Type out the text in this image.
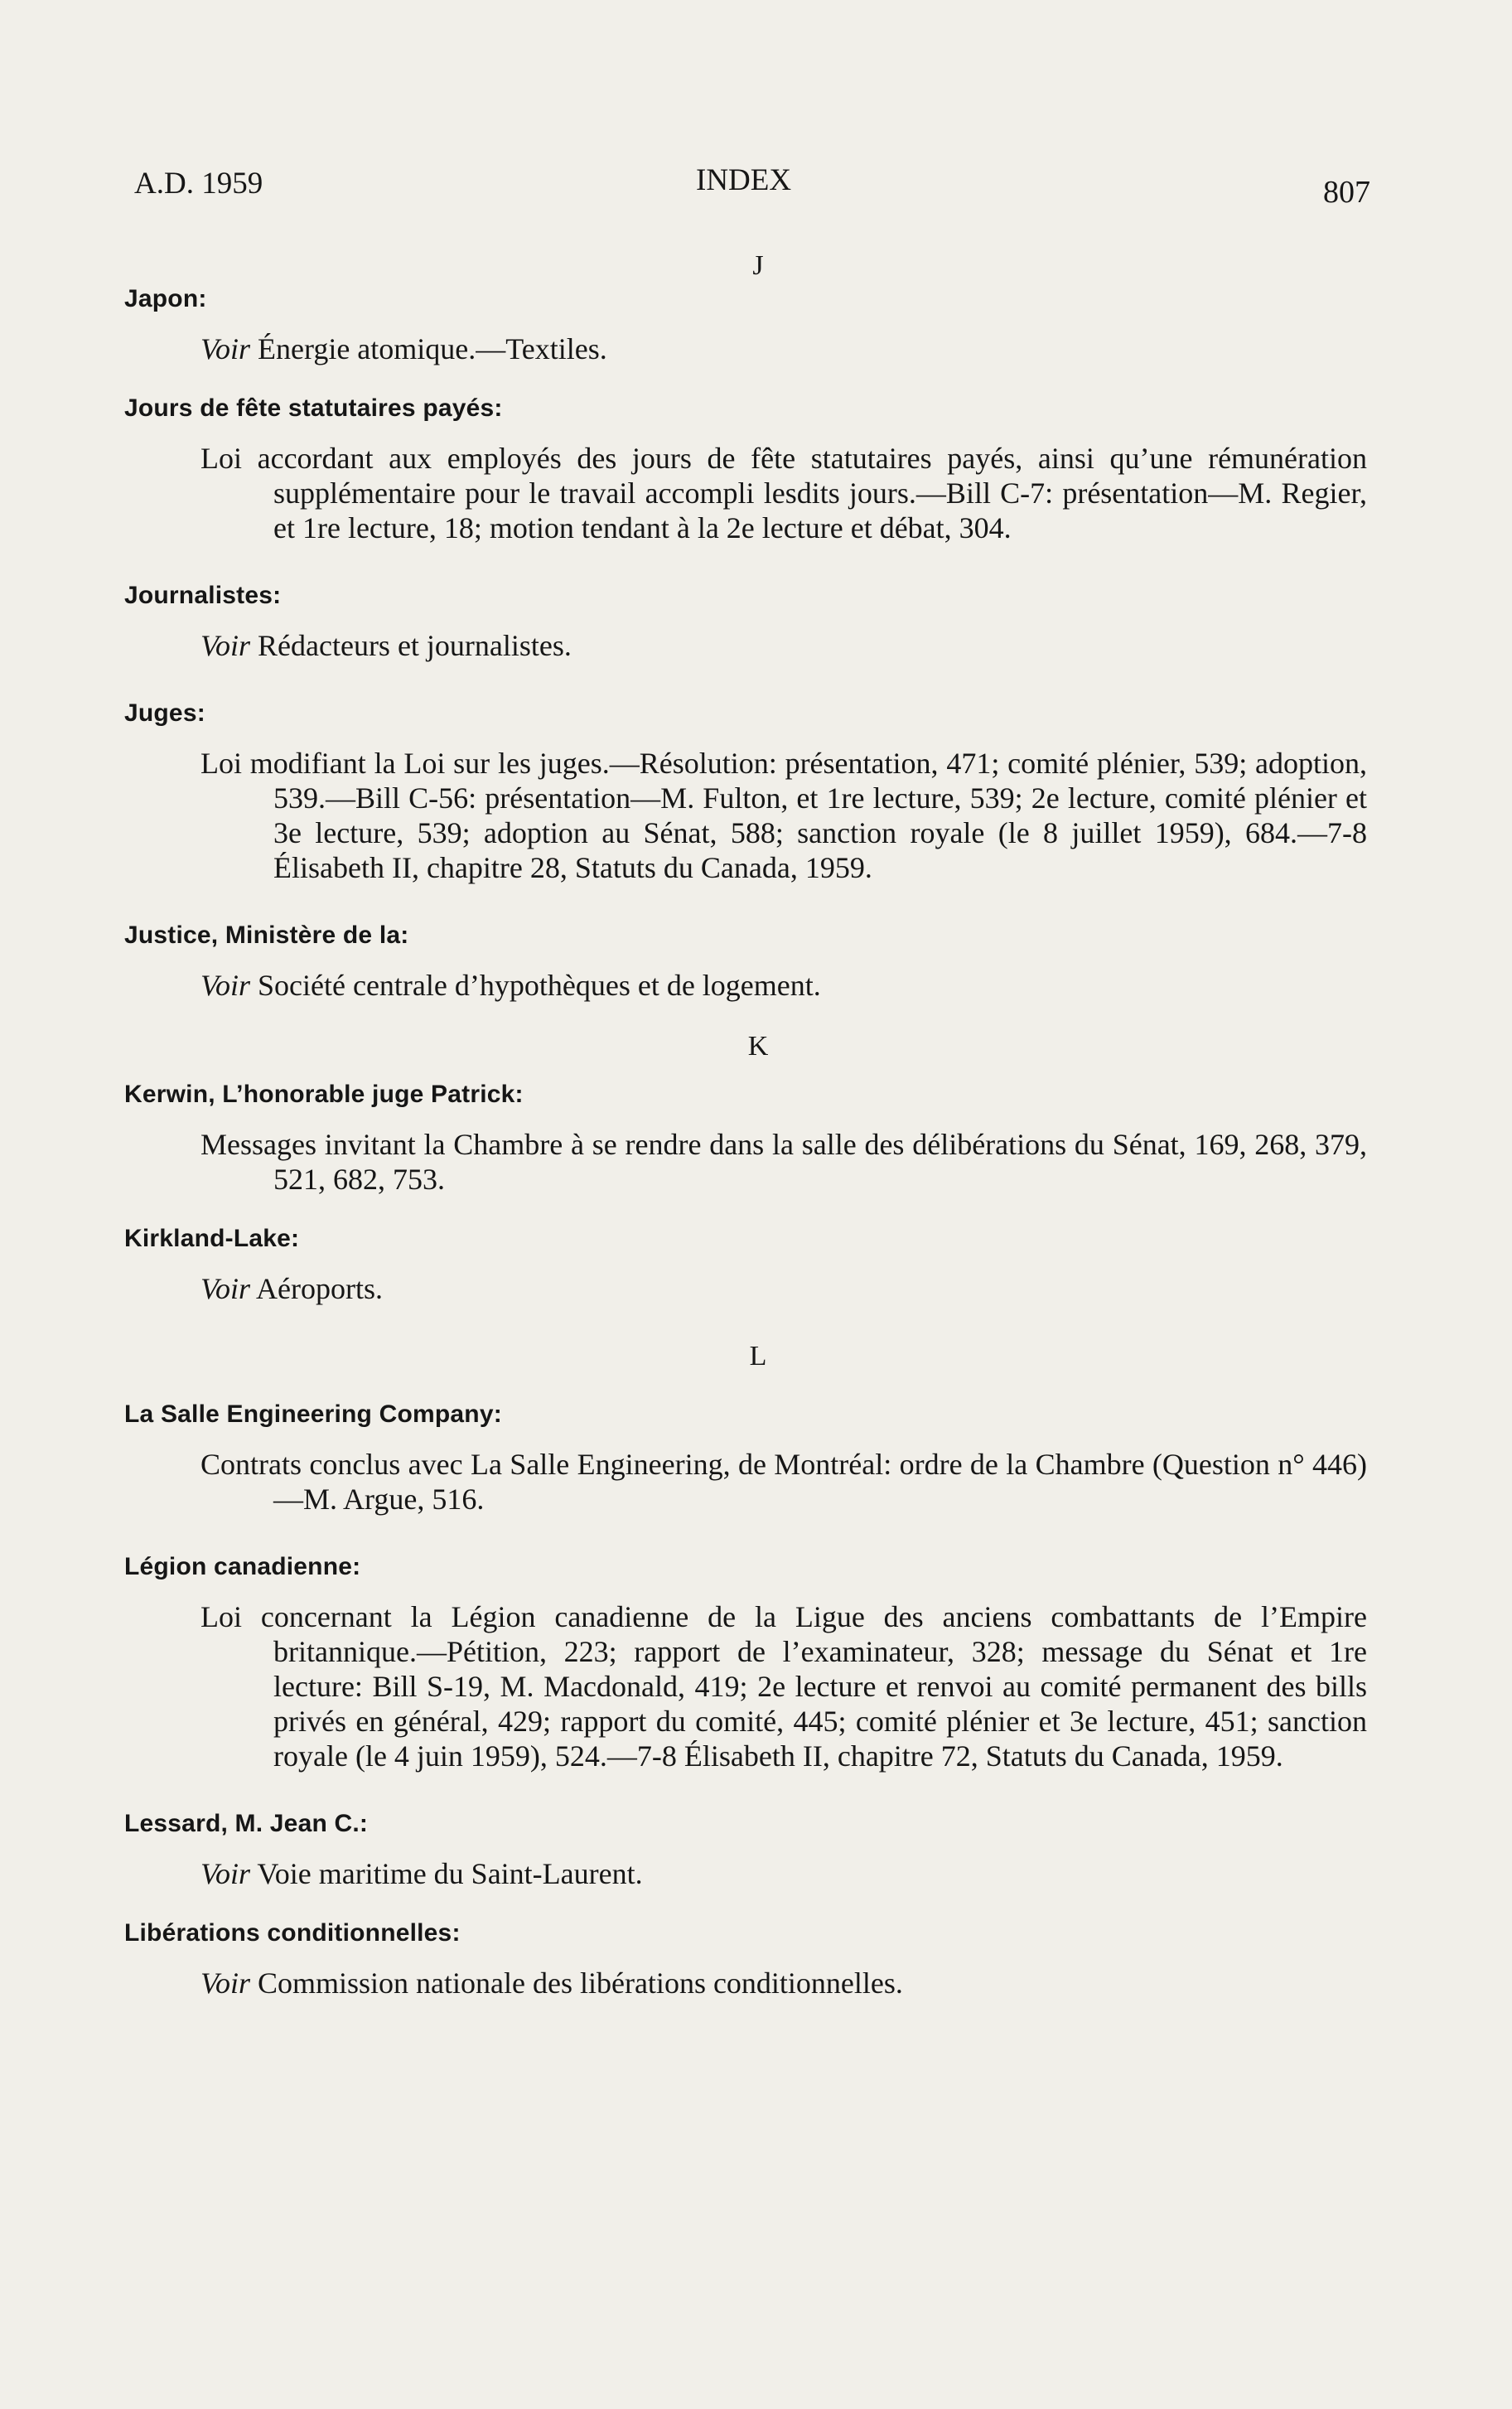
A.D. 1959	INDEX	807
J
Japon:
Voir Énergie atomique.—Textiles.
Jours de fête statutaires payés:
Loi accordant aux employés des jours de fête statutaires payés, ainsi qu’une rémunération supplémentaire pour le travail accompli lesdits jours.—Bill C-7: présentation—M. Regier, et 1re lecture, 18; motion tendant à la 2e lecture et débat, 304.
Journalistes:
Voir Rédacteurs et journalistes.
Juges:
Loi modifiant la Loi sur les juges.—Résolution: présentation, 471; comité plénier, 539; adoption, 539.—Bill C-56: présentation—M. Fulton, et 1re lecture, 539; 2e lecture, comité plénier et 3e lecture, 539; adoption au Sénat, 588; sanction royale (le 8 juillet 1959), 684.—7-8 Élisabeth II, chapitre 28, Statuts du Canada, 1959.
Justice, Ministère de la:
Voir Société centrale d’hypothèques et de logement.
K
Kerwin, L’honorable juge Patrick:
Messages invitant la Chambre à se rendre dans la salle des délibérations du Sénat, 169, 268, 379, 521, 682, 753.
Kirkland-Lake:
Voir Aéroports.
L
La Salle Engineering Company:
Contrats conclus avec La Salle Engineering, de Montréal: ordre de la Chambre (Question n° 446)—M. Argue, 516.
Légion canadienne:
Loi concernant la Légion canadienne de la Ligue des anciens combattants de l’Empire britannique.—Pétition, 223; rapport de l’examinateur, 328; message du Sénat et 1re lecture: Bill S-19, M. Macdonald, 419; 2e lecture et renvoi au comité permanent des bills privés en général, 429; rapport du comité, 445; comité plénier et 3e lecture, 451; sanction royale (le 4 juin 1959), 524.—7-8 Élisabeth II, chapitre 72, Statuts du Canada, 1959.
Lessard, M. Jean C.:
Voir Voie maritime du Saint-Laurent.
Libérations conditionnelles:
Voir Commission nationale des libérations conditionnelles.
